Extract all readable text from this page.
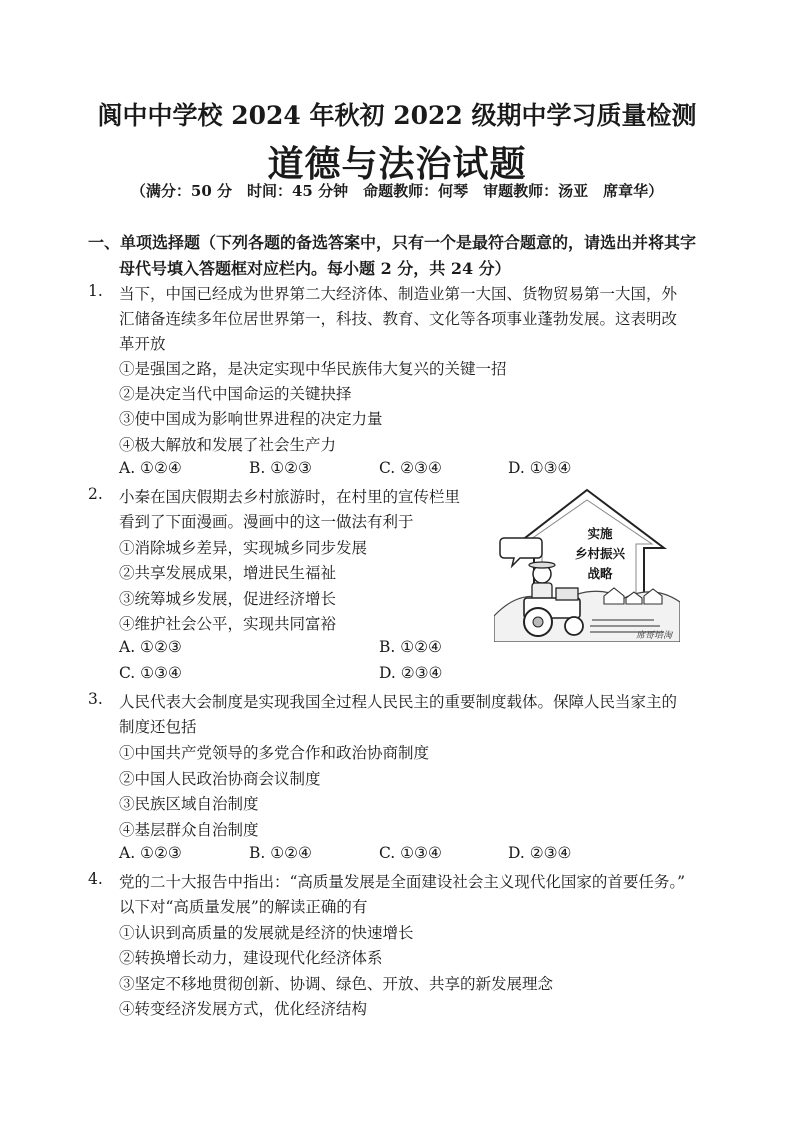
阆中中学校 2024 年秋初 2022 级期中学习质量检测
道德与法治试题
（满分：50 分　时间：45 分钟　命题教师：何琴　审题教师：汤亚　席章华）
一、单项选择题（下列各题的备选答案中，只有一个是最符合题意的，请选出并将其字
母代号填入答题框对应栏内。每小题 2 分，共 24 分）
1. 当下，中国已经成为世界第二大经济体、制造业第一大国、货物贸易第一大国，外
汇储备连续多年位居世界第一，科技、教育、文化等各项事业蓬勃发展。这表明改
革开放
①是强国之路，是决定实现中华民族伟大复兴的关键一招
②是决定当代中国命运的关键抉择
③使中国成为影响世界进程的决定力量
④极大解放和发展了社会生产力
A. ①②④	B. ①②③	C. ②③④	D. ①③④
2. 小秦在国庆假期去乡村旅游时，在村里的宣传栏里
看到了下面漫画。漫画中的这一做法有利于
①消除城乡差异，实现城乡同步发展
②共享发展成果，增进民生福祉
③统筹城乡发展，促进经济增长
④维护社会公平，实现共同富裕
A. ①②③	B. ①②④
C. ①③④	D. ②③④
实施
乡村振兴
战略
席哥培淘
3. 人民代表大会制度是实现我国全过程人民民主的重要制度载体。保障人民当家主的
制度还包括
①中国共产党领导的多党合作和政治协商制度
②中国人民政治协商会议制度
③民族区域自治制度
④基层群众自治制度
A. ①②③	B. ①②④	C. ①③④	D. ②③④
4. 党的二十大报告中指出：“高质量发展是全面建设社会主义现代化国家的首要任务。”
以下对“高质量发展”的解读正确的有
①认识到高质量的发展就是经济的快速增长
②转换增长动力，建设现代化经济体系
③坚定不移地贯彻创新、协调、绿色、开放、共享的新发展理念
④转变经济发展方式，优化经济结构
